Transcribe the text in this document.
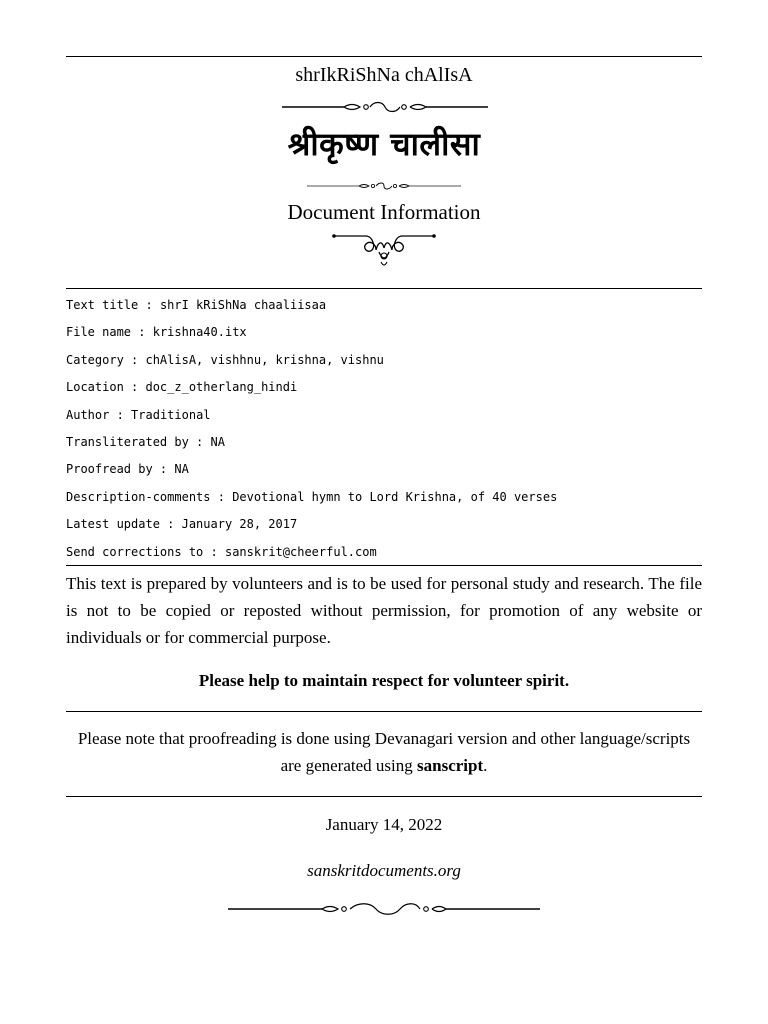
shrIkRiShNa chAlIsA
श्रीकृष्ण चालीसा
Document Information
Text title : shrI kRiShNa chaaliisaa
File name : krishna40.itx
Category : chAlisA, vishhnu, krishna, vishnu
Location : doc_z_otherlang_hindi
Author : Traditional
Transliterated by : NA
Proofread by : NA
Description-comments : Devotional hymn to Lord Krishna, of 40 verses
Latest update : January 28, 2017
Send corrections to : sanskrit@cheerful.com

This text is prepared by volunteers and is to be used for personal study and research. The file is not to be copied or reposted without permission, for promotion of any website or individuals or for commercial purpose.

Please help to maintain respect for volunteer spirit.

Please note that proofreading is done using Devanagari version and other language/scripts are generated using sanscript.

January 14, 2022
sanskritdocuments.org
